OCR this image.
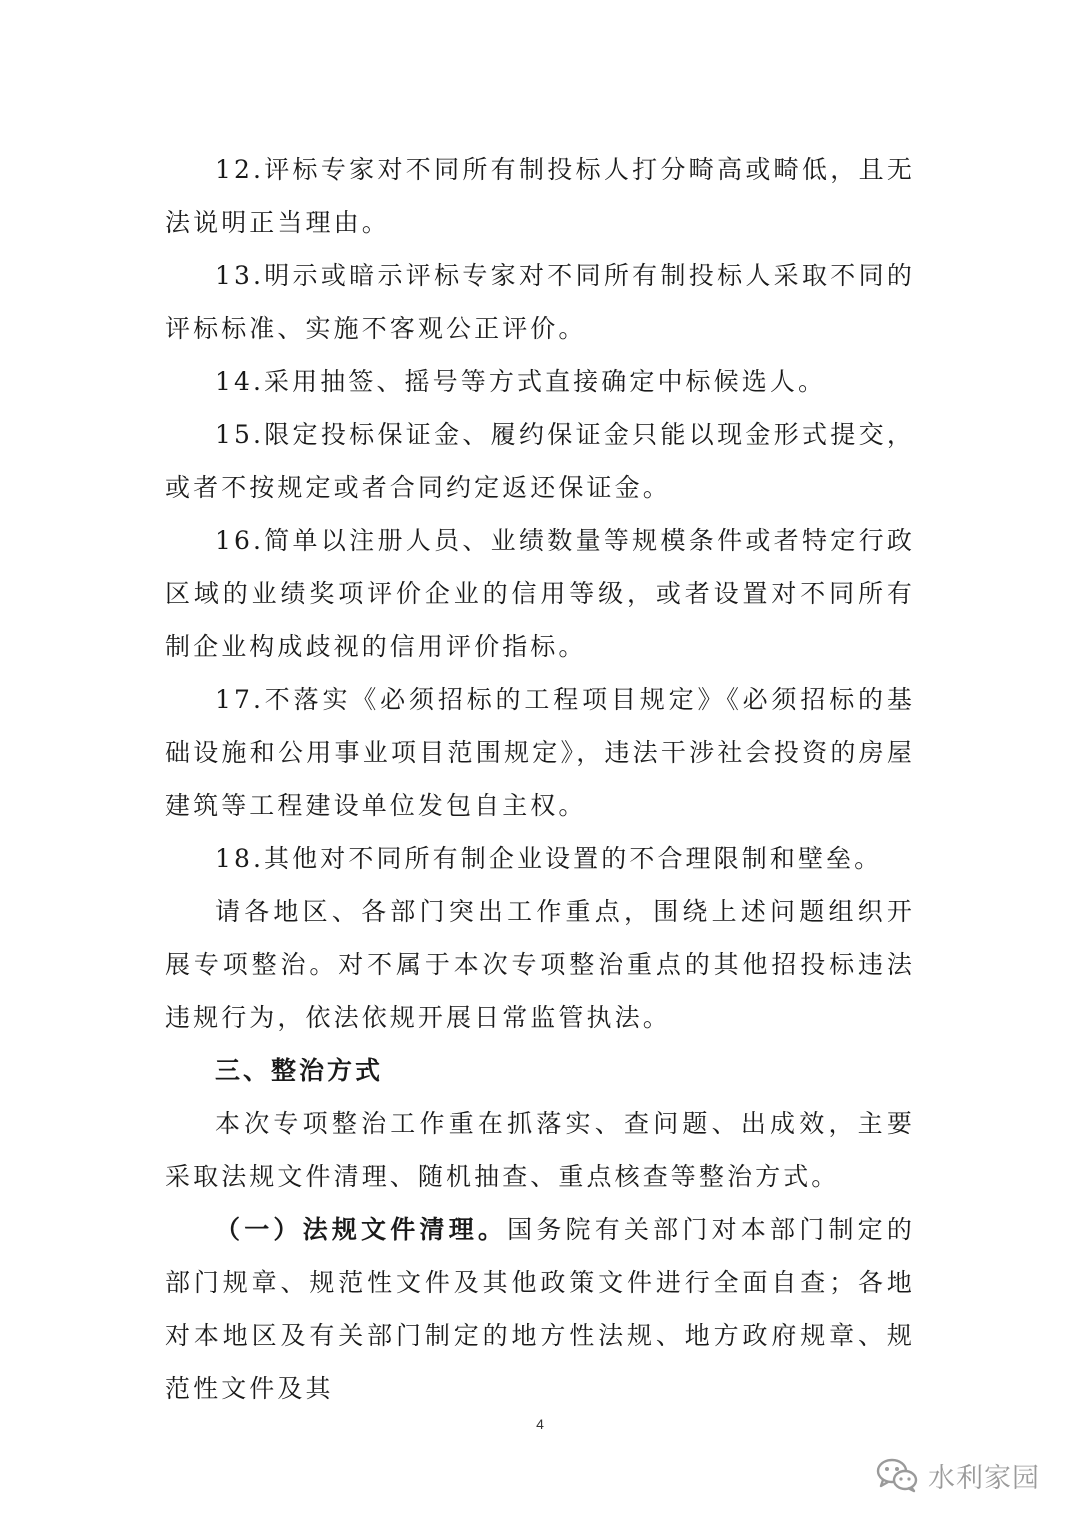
12.评标专家对不同所有制投标人打分畸高或畸低，且无法说明正当理由。

13.明示或暗示评标专家对不同所有制投标人采取不同的评标标准、实施不客观公正评价。

14.采用抽签、摇号等方式直接确定中标候选人。

15.限定投标保证金、履约保证金只能以现金形式提交，或者不按规定或者合同约定返还保证金。

16.简单以注册人员、业绩数量等规模条件或者特定行政区域的业绩奖项评价企业的信用等级，或者设置对不同所有制企业构成歧视的信用评价指标。

17.不落实《必须招标的工程项目规定》《必须招标的基础设施和公用事业项目范围规定》，违法干涉社会投资的房屋建筑等工程建设单位发包自主权。

18.其他对不同所有制企业设置的不合理限制和壁垒。

请各地区、各部门突出工作重点，围绕上述问题组织开展专项整治。对不属于本次专项整治重点的其他招投标违法违规行为，依法依规开展日常监管执法。

三、整治方式

本次专项整治工作重在抓落实、查问题、出成效，主要采取法规文件清理、随机抽查、重点核查等整治方式。

（一）法规文件清理。国务院有关部门对本部门制定的部门规章、规范性文件及其他政策文件进行全面自查；各地对本地区及有关部门制定的地方性法规、地方政府规章、规范性文件及其

4
水利家园
